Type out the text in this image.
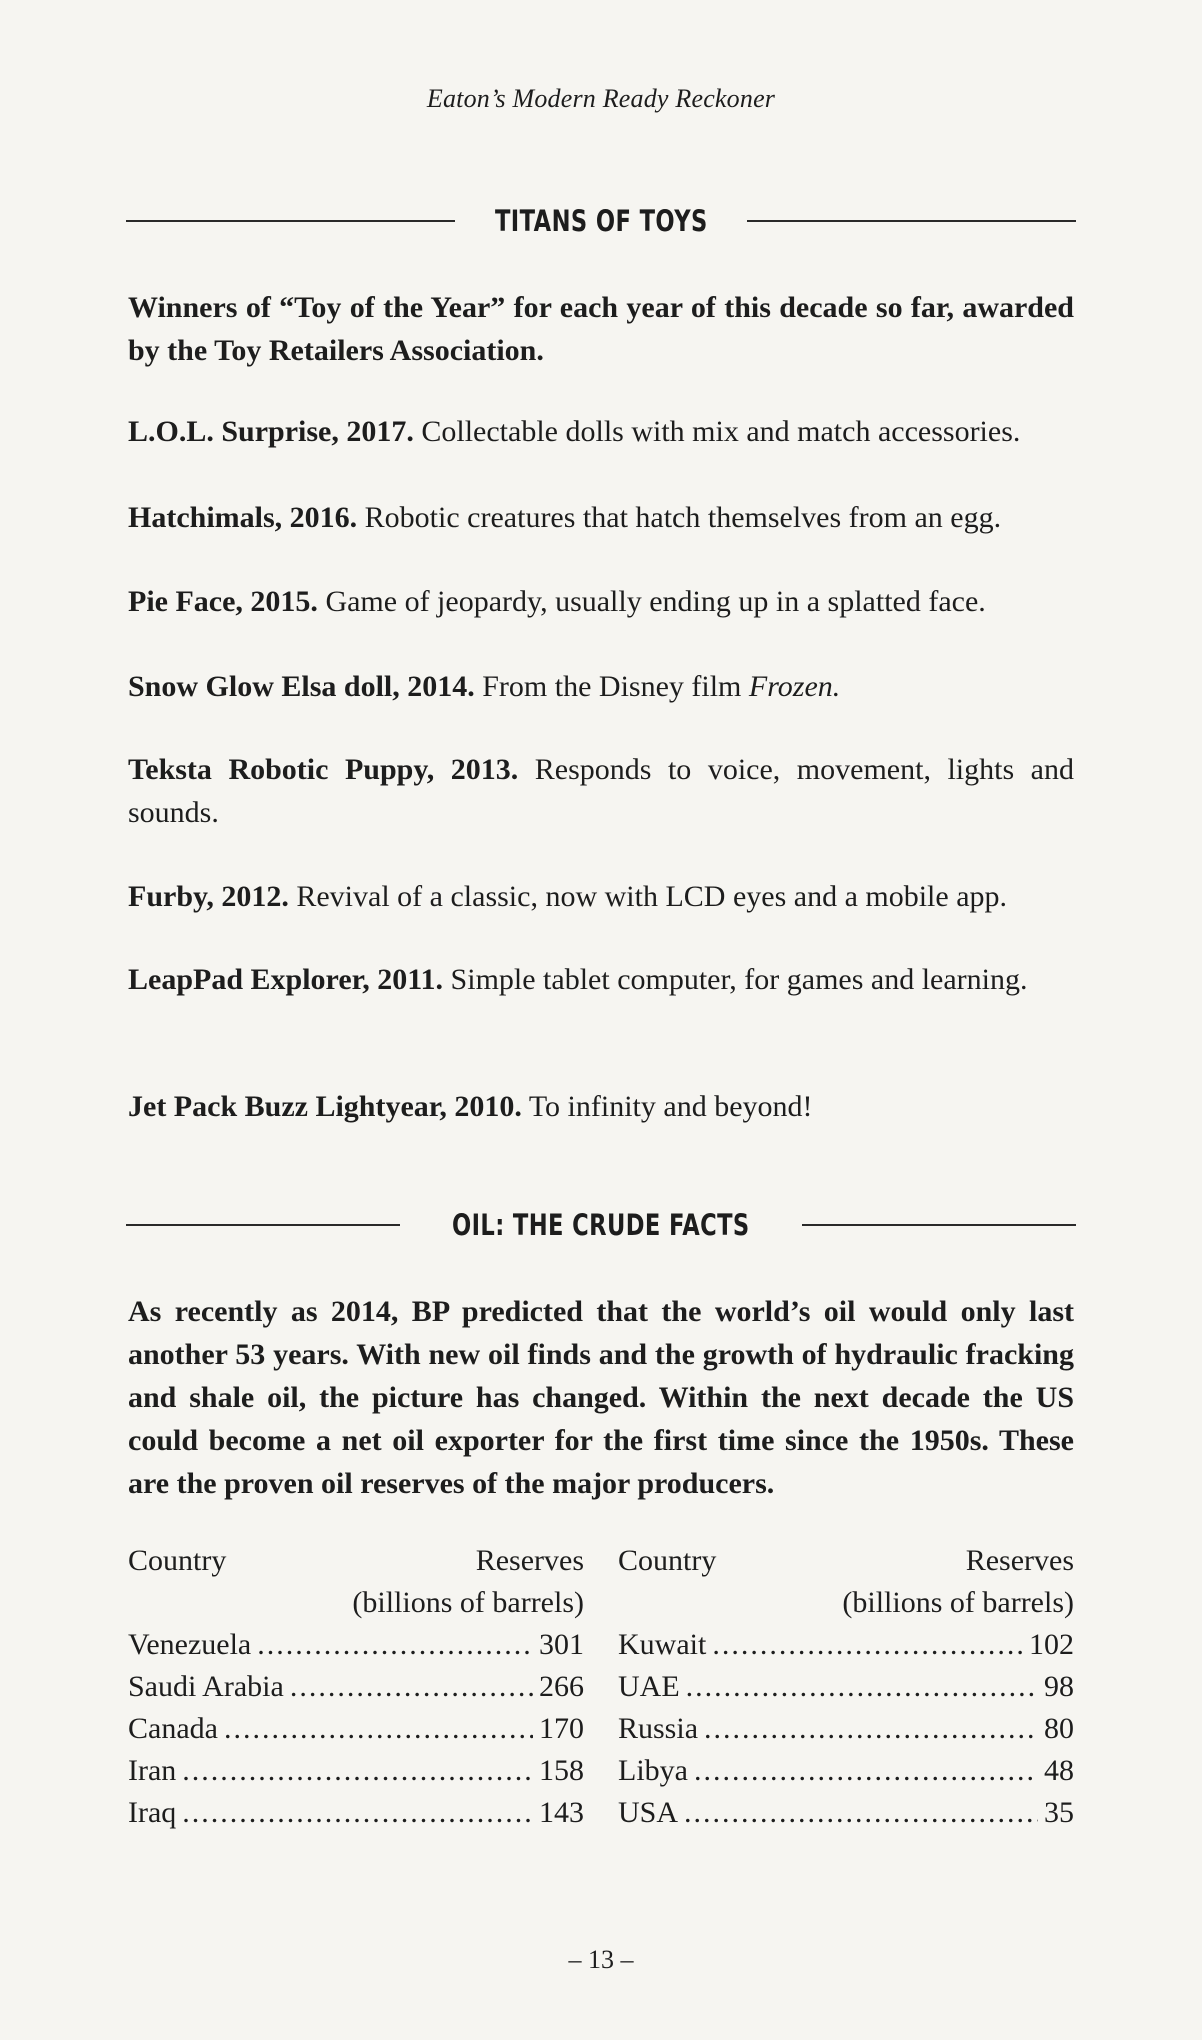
Eaton’s Modern Ready Reckoner
TITANS OF TOYS
Winners of “Toy of the Year” for each year of this decade so far, awarded by the Toy Retailers Association.
L.O.L. Surprise, 2017. Collectable dolls with mix and match accessories.
Hatchimals, 2016. Robotic creatures that hatch themselves from an egg.
Pie Face, 2015. Game of jeopardy, usually ending up in a splatted face.
Snow Glow Elsa doll, 2014. From the Disney film Frozen.
Teksta Robotic Puppy, 2013. Responds to voice, movement, lights and sounds.
Furby, 2012. Revival of a classic, now with LCD eyes and a mobile app.
LeapPad Explorer, 2011. Simple tablet computer, for games and learning.
Jet Pack Buzz Lightyear, 2010. To infinity and beyond!
OIL: THE CRUDE FACTS
As recently as 2014, BP predicted that the world’s oil would only last another 53 years. With new oil finds and the growth of hydraulic fracking and shale oil, the picture has changed. Within the next decade the US could become a net oil exporter for the first time since the 1950s. These are the proven oil reserves of the major producers.
Country	Reserves
(billions of barrels)
Venezuela .....	301
Saudi Arabia .....	266
Canada .....	170
Iran .....	158
Iraq .....	143
Country	Reserves
(billions of barrels)
Kuwait .....	102
UAE .....	98
Russia .....	80
Libya .....	48
USA .....	35
– 13 –
